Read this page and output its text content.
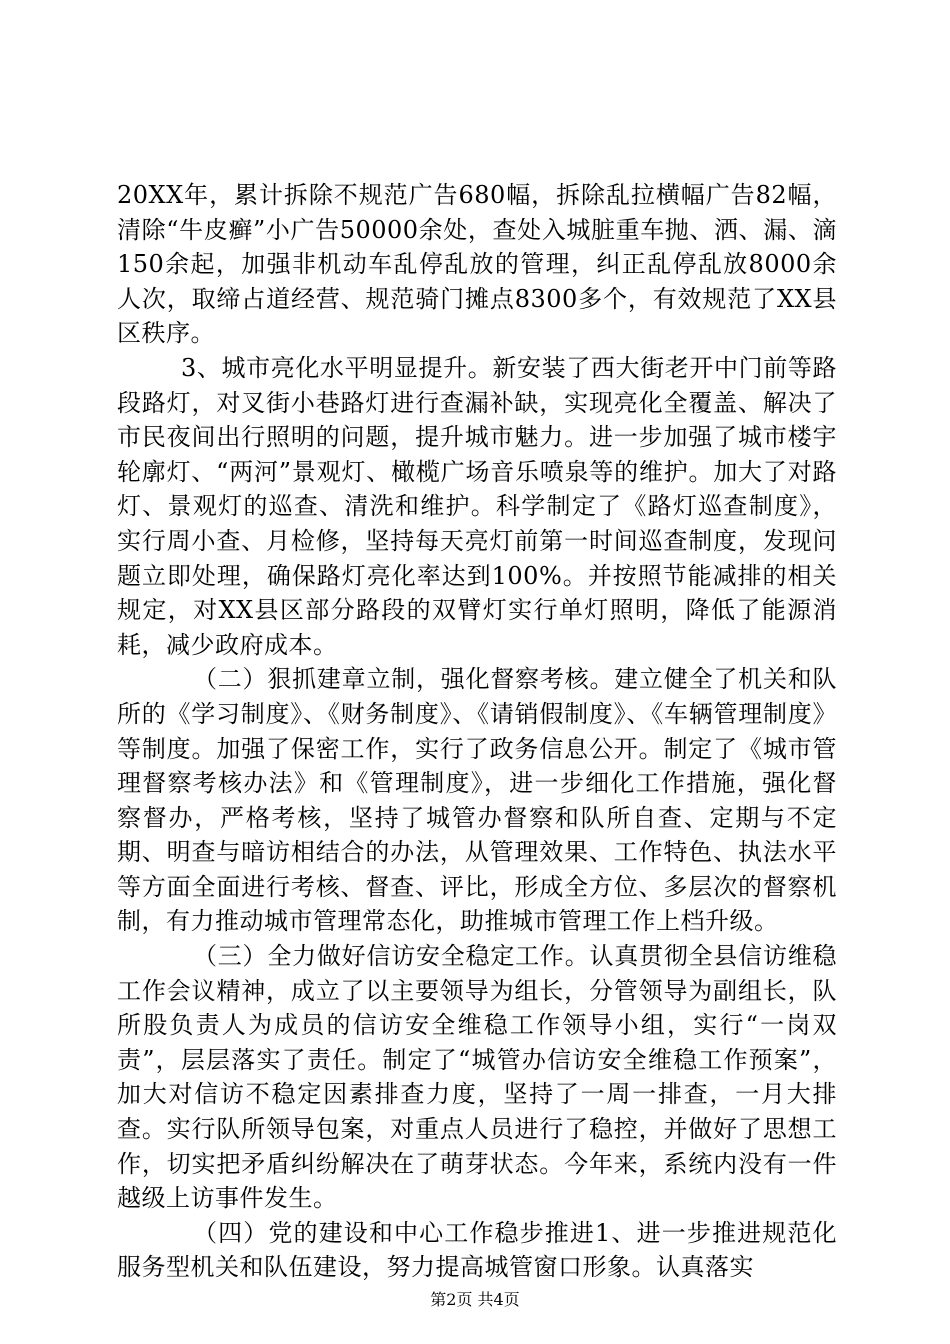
20XX年，累计拆除不规范广告680幅，拆除乱拉横幅广告82幅，清除“牛皮癣”小广告50000余处，查处入城脏重车抛、洒、漏、滴150余起，加强非机动车乱停乱放的管理，纠正乱停乱放8000余人次，取缔占道经营、规范骑门摊点8300多个，有效规范了XX县区秩序。

3、城市亮化水平明显提升。新安装了西大街老开中门前等路段路灯，对叉街小巷路灯进行查漏补缺，实现亮化全覆盖、解决了市民夜间出行照明的问题，提升城市魅力。进一步加强了城市楼宇轮廓灯、“两河”景观灯、橄榄广场音乐喷泉等的维护。加大了对路灯、景观灯的巡查、清洗和维护。科学制定了《路灯巡查制度》，实行周小查、月检修，坚持每天亮灯前第一时间巡查制度，发现问题立即处理，确保路灯亮化率达到100%。并按照节能减排的相关规定，对XX县区部分路段的双臂灯实行单灯照明，降低了能源消耗，减少政府成本。

（二）狠抓建章立制，强化督察考核。建立健全了机关和队所的《学习制度》、《财务制度》、《请销假制度》、《车辆管理制度》等制度。加强了保密工作，实行了政务信息公开。制定了《城市管理督察考核办法》和《管理制度》，进一步细化工作措施，强化督察督办，严格考核，坚持了城管办督察和队所自查、定期与不定期、明查与暗访相结合的办法，从管理效果、工作特色、执法水平等方面全面进行考核、督查、评比，形成全方位、多层次的督察机制，有力推动城市管理常态化，助推城市管理工作上档升级。

（三）全力做好信访安全稳定工作。认真贯彻全县信访维稳工作会议精神，成立了以主要领导为组长，分管领导为副组长，队所股负责人为成员的信访安全维稳工作领导小组，实行“一岗双责”，层层落实了责任。制定了“城管办信访安全维稳工作预案”，加大对信访不稳定因素排查力度，坚持了一周一排查，一月大排查。实行队所领导包案，对重点人员进行了稳控，并做好了思想工作，切实把矛盾纠纷解决在了萌芽状态。今年来，系统内没有一件越级上访事件发生。

（四）党的建设和中心工作稳步推进1、进一步推进规范化服务型机关和队伍建设，努力提高城管窗口形象。认真落实

第2页 共4页
